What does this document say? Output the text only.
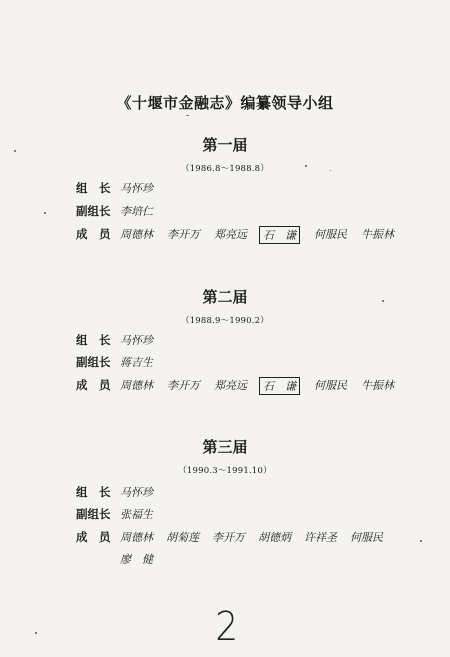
《十堰市金融志》编纂领导小组
第一届
（1986.8～1988.8）
组　长 马怀珍
副组长 李培仁
成　员 周德林 李开万 郑亮远	石　谦	何服民 牛振林
第二届
（1988.9～1990.2）
组　长 马怀珍
副组长 蒋吉生
成　员 周德林 李开万 郑亮远	石　谦	何服民 牛振林
第三届
（1990.3～1991.10）
组　长 马怀珍
副组长 张福生
成　员 周德林 胡菊莲 李开万 胡德炳 许祥圣 何服民
廖　健
2
